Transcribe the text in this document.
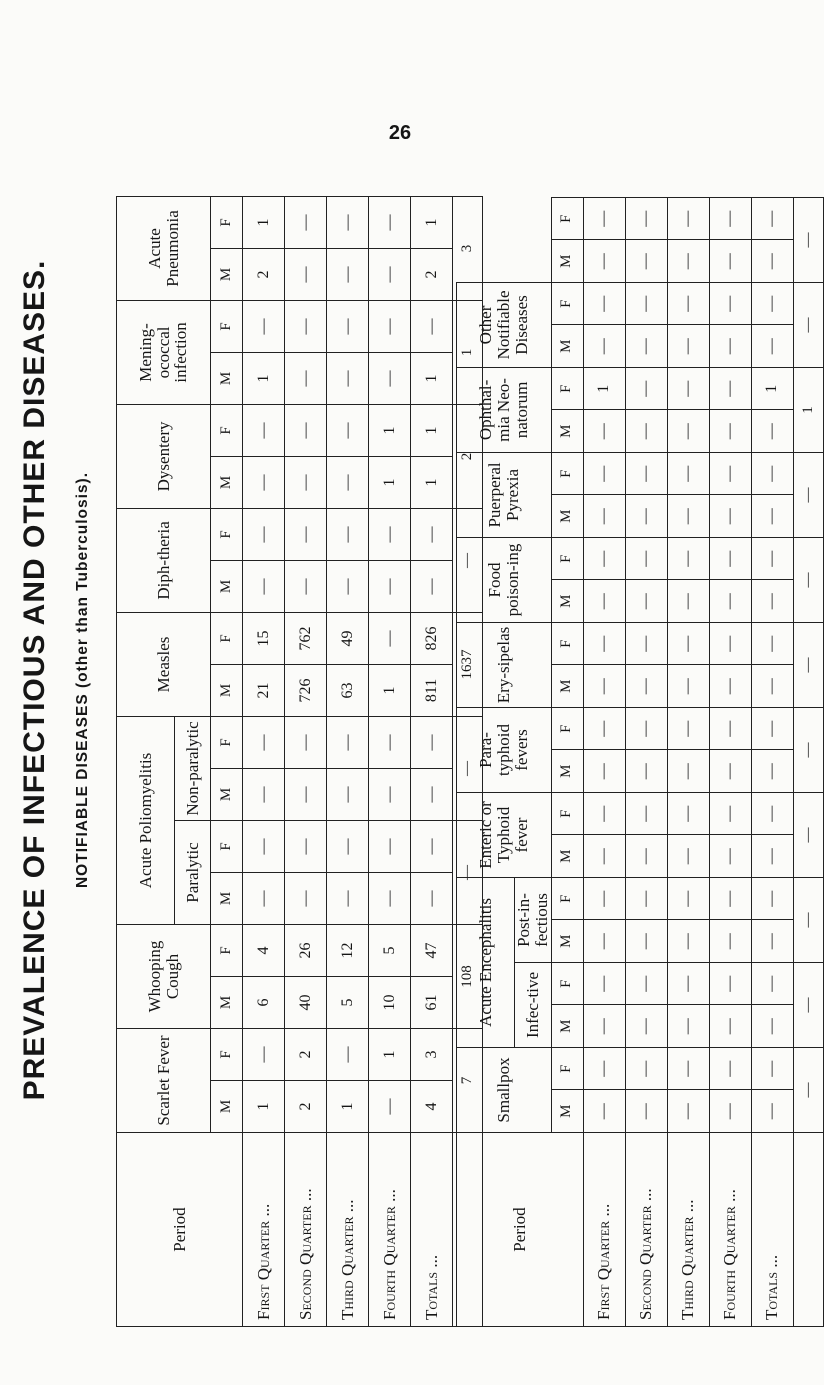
26
PREVALENCE OF INFECTIOUS AND OTHER DISEASES. NOTIFIABLE DISEASES (other than Tuberculosis).
Period	Scarlet Fever		Whooping Cough		Acute Poliomyelitis				Measles		Diph-theria		Dysentery		Mening-ococcal infection		Acute Pneumonia	
					Paralytic		Non-paralytic											
	M	F	M	F	M	F	M	F	M	F	M	F	M	F	M	F	M	F
First Quarter ...	1	—	6	4	—	—	—	—	21	15	—	—	—	—	1	—	2	1
Second Quarter ...	2	2	40	26	—	—	—	—	726	762	—	—	—	—	—	—	—	—
Third Quarter ...	1	—	5	12	—	—	—	—	63	49	—	—	—	—	—	—	—	—
Fourth Quarter ...	—	1	10	5	—	—	—	—	1	—	—	—	1	1	—	—	—	—
Totals ...	4	3	61	47	—	—	—	—	811	826	—	—	1	1	1	—	2	1
	7		108		—		—		1637		—		2		1		3	
Period	Smallpox		Acute Encephalitis				Enteric or Typhoid fever		Para-typhoid fevers		Ery-sipelas		Food poison-ing		Puerperal Pyrexia		Ophthal-mia Neo-natorum		Other Notifiable Diseases			
			Infec-tive		Post-in-fectious																	
	M	F	M	F	M	F	M	F	M	F	M	F	M	F	M	F	M	F	M	F	M	F
First Quarter ...	—	—	—	—	—	—	—	—	—	—	—	—	—	—	—	—	—	1	—	—	—	—
Second Quarter ...	—	—	—	—	—	—	—	—	—	—	—	—	—	—	—	—	—	—	—	—	—	—
Third Quarter ...	—	—	—	—	—	—	—	—	—	—	—	—	—	—	—	—	—	—	—	—	—	—
Fourth Quarter ...	—	—	—	—	—	—	—	—	—	—	—	—	—	—	—	—	—	—	—	—	—	—
Totals ...	—	—	—	—	—	—	—	—	—	—	—	—	—	—	—	—	—	1	—	—	—	—
	—		—		—		—		—		—		—		—		1		—		—	
